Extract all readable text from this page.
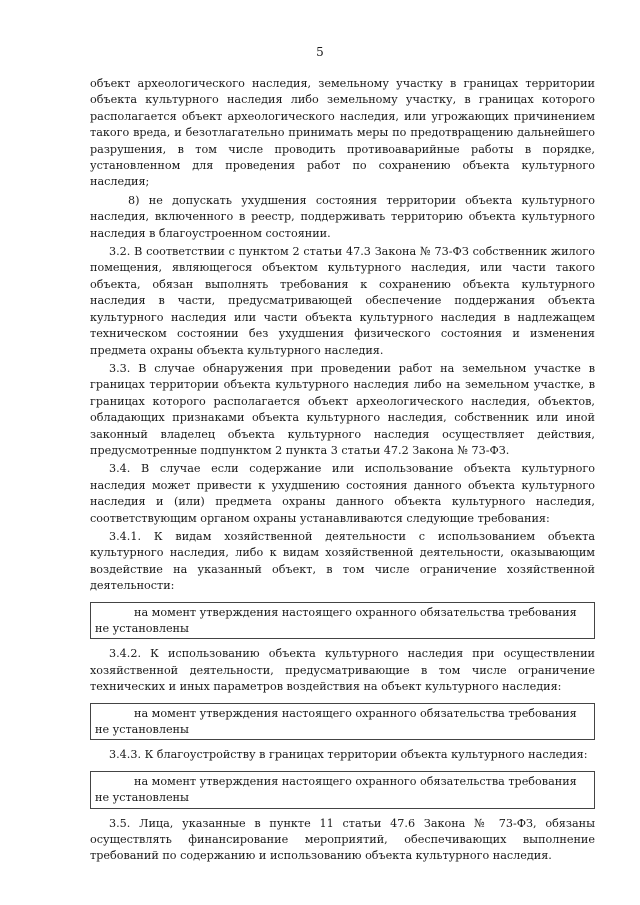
5

объект археологического наследия, земельному участку в границах территории объекта культурного наследия либо земельному участку, в границах которого располагается объект археологического наследия, или угрожающих причинением такого вреда, и безотлагательно принимать меры по предотвращению дальнейшего разрушения, в том числе проводить противоаварийные работы в порядке, установленном для проведения работ по сохранению объекта культурного наследия;

8) не допускать ухудшения состояния территории объекта культурного наследия, включенного в реестр, поддерживать территорию объекта культурного наследия в благоустроенном состоянии.

3.2. В соответствии с пунктом 2 статьи 47.3 Закона № 73-ФЗ собственник жилого помещения, являющегося объектом культурного наследия, или части такого объекта, обязан выполнять требования к сохранению объекта культурного наследия в части, предусматривающей обеспечение поддержания объекта культурного наследия или части объекта культурного наследия в надлежащем техническом состоянии без ухудшения физического состояния и изменения предмета охраны объекта культурного наследия.

3.3. В случае обнаружения при проведении работ на земельном участке в границах территории объекта культурного наследия либо на земельном участке, в границах которого располагается объект археологического наследия, объектов, обладающих признаками объекта культурного наследия, собственник или иной законный владелец объекта культурного наследия осуществляет действия, предусмотренные подпунктом 2 пункта 3 статьи 47.2 Закона № 73-ФЗ.

3.4. В случае если содержание или использование объекта культурного наследия может привести к ухудшению состояния данного объекта культурного наследия и (или) предмета охраны данного объекта культурного наследия, соответствующим органом охраны устанавливаются следующие требования:

3.4.1. К видам хозяйственной деятельности с использованием объекта культурного наследия, либо к видам хозяйственной деятельности, оказывающим воздействие на указанный объект, в том числе ограничение хозяйственной деятельности:

на момент утверждения настоящего охранного обязательства требования
не установлены

3.4.2. К использованию объекта культурного наследия при осуществлении хозяйственной деятельности, предусматривающие в том числе ограничение технических и иных параметров воздействия на объект культурного наследия:

на момент утверждения настоящего охранного обязательства требования
не установлены

3.4.3. К благоустройству в границах территории объекта культурного наследия:

на момент утверждения настоящего охранного обязательства требования
не установлены

3.5. Лица, указанные в пункте 11 статьи 47.6 Закона № 73-ФЗ, обязаны осуществлять финансирование мероприятий, обеспечивающих выполнение требований по содержанию и использованию объекта культурного наследия.
